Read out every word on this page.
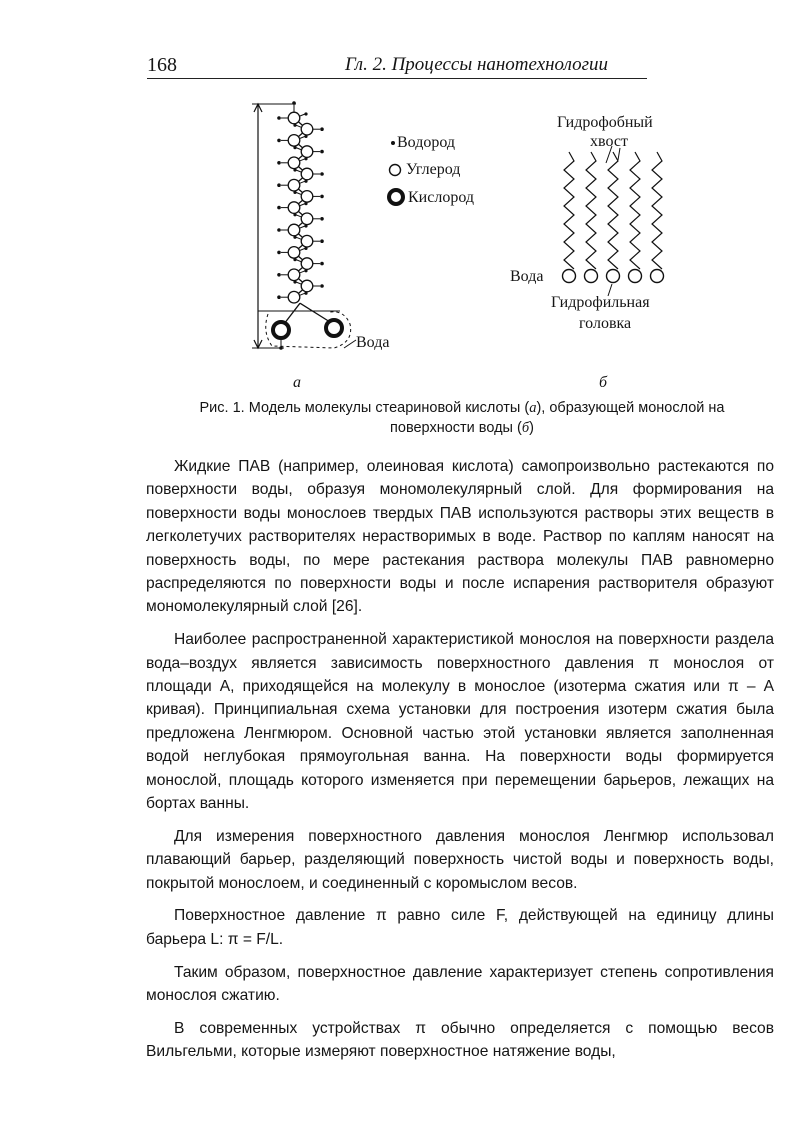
168	Гл. 2. Процессы нанотехнологии
Водород
Углерод
Кислород
Вода
Гидрофобный
хвост
Вода
Гидрофильная
головка
а	б
Рис. 1. Модель молекулы стеариновой кислоты (а), образующей монослой на
поверхности воды (б)

Жидкие ПАВ (например, олеиновая кислота) самопроизвольно растекаются по поверхности воды, образуя мономолекулярный слой. Для формирования на поверхности воды монослоев твердых ПАВ используются растворы этих веществ в легколетучих растворителях нерастворимых в воде. Раствор по каплям наносят на поверхность воды, по мере растекания раствора молекулы ПАВ равномерно распределяются по поверхности воды и после испарения растворителя образуют мономолекулярный слой [26].

Наиболее распространенной характеристикой монослоя на поверхности раздела вода–воздух является зависимость поверхностного давления π монослоя от площади A, приходящейся на молекулу в монослое (изотерма сжатия или π – A кривая). Принципиальная схема установки для построения изотерм сжатия была предложена Ленгмюром. Основной частью этой установки является заполненная водой неглубокая прямоугольная ванна. На поверхности воды формируется монослой, площадь которого изменяется при перемещении барьеров, лежащих на бортах ванны.

Для измерения поверхностного давления монослоя Ленгмюр использовал плавающий барьер, разделяющий поверхность чистой воды и поверхность воды, покрытой монослоем, и соединенный с коромыслом весов.

Поверхностное давление π равно силе F, действующей на единицу длины барьера L: π = F/L.

Таким образом, поверхностное давление характеризует степень сопротивления монослоя сжатию.

В современных устройствах π обычно определяется с помощью весов Вильгельми, которые измеряют поверхностное натяжение воды,
